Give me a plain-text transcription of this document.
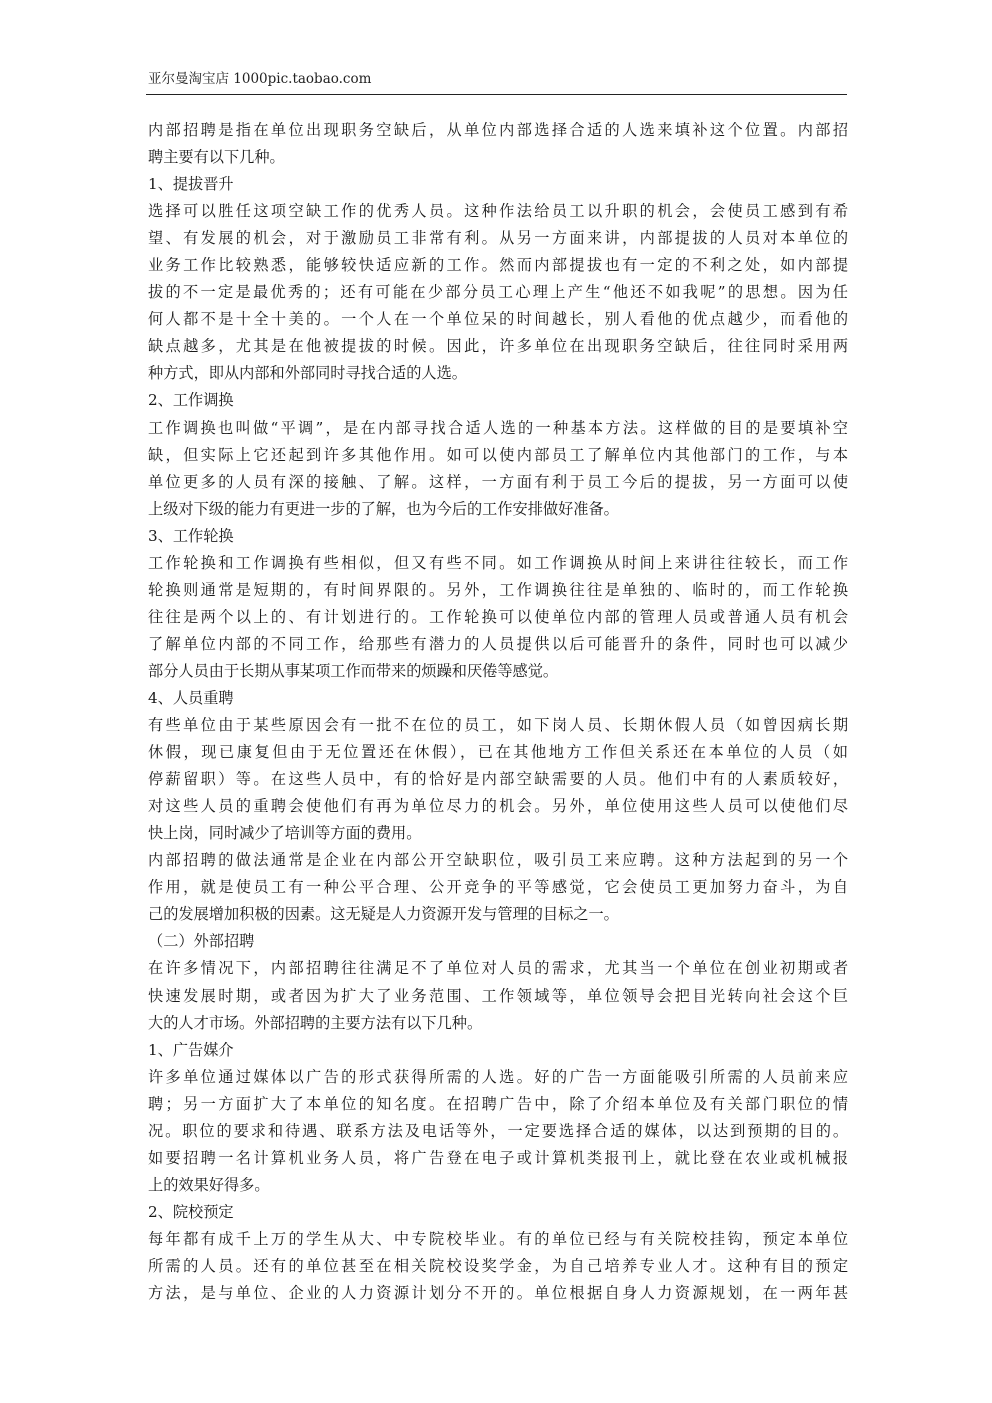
亚尔曼淘宝店 1000pic.taobao.com
内部招聘是指在单位出现职务空缺后，从单位内部选择合适的人选来填补这个位置。内部招
聘主要有以下几种。
1、提拔晋升
选择可以胜任这项空缺工作的优秀人员。这种作法给员工以升职的机会，会使员工感到有希
望、有发展的机会，对于激励员工非常有利。从另一方面来讲，内部提拔的人员对本单位的
业务工作比较熟悉，能够较快适应新的工作。然而内部提拔也有一定的不利之处，如内部提
拔的不一定是最优秀的；还有可能在少部分员工心理上产生“他还不如我呢”的思想。因为任
何人都不是十全十美的。一个人在一个单位呆的时间越长，别人看他的优点越少，而看他的
缺点越多，尤其是在他被提拔的时候。因此，许多单位在出现职务空缺后，往往同时采用两
种方式，即从内部和外部同时寻找合适的人选。
2、工作调换
工作调换也叫做“平调”，是在内部寻找合适人选的一种基本方法。这样做的目的是要填补空
缺，但实际上它还起到许多其他作用。如可以使内部员工了解单位内其他部门的工作，与本
单位更多的人员有深的接触、了解。这样，一方面有利于员工今后的提拔，另一方面可以使
上级对下级的能力有更进一步的了解，也为今后的工作安排做好准备。
3、工作轮换
工作轮换和工作调换有些相似，但又有些不同。如工作调换从时间上来讲往往较长，而工作
轮换则通常是短期的，有时间界限的。另外，工作调换往往是单独的、临时的，而工作轮换
往往是两个以上的、有计划进行的。工作轮换可以使单位内部的管理人员或普通人员有机会
了解单位内部的不同工作，给那些有潜力的人员提供以后可能晋升的条件，同时也可以减少
部分人员由于长期从事某项工作而带来的烦躁和厌倦等感觉。
4、人员重聘
有些单位由于某些原因会有一批不在位的员工，如下岗人员、长期休假人员（如曾因病长期
休假，现已康复但由于无位置还在休假），已在其他地方工作但关系还在本单位的人员（如
停薪留职）等。在这些人员中，有的恰好是内部空缺需要的人员。他们中有的人素质较好，
对这些人员的重聘会使他们有再为单位尽力的机会。另外，单位使用这些人员可以使他们尽
快上岗，同时减少了培训等方面的费用。
内部招聘的做法通常是企业在内部公开空缺职位，吸引员工来应聘。这种方法起到的另一个
作用，就是使员工有一种公平合理、公开竞争的平等感觉，它会使员工更加努力奋斗，为自
己的发展增加积极的因素。这无疑是人力资源开发与管理的目标之一。
（二）外部招聘
在许多情况下，内部招聘往往满足不了单位对人员的需求，尤其当一个单位在创业初期或者
快速发展时期，或者因为扩大了业务范围、工作领域等，单位领导会把目光转向社会这个巨
大的人才市场。外部招聘的主要方法有以下几种。
1、广告媒介
许多单位通过媒体以广告的形式获得所需的人选。好的广告一方面能吸引所需的人员前来应
聘；另一方面扩大了本单位的知名度。在招聘广告中，除了介绍本单位及有关部门职位的情
况。职位的要求和待遇、联系方法及电话等外，一定要选择合适的媒体，以达到预期的目的。
如要招聘一名计算机业务人员，将广告登在电子或计算机类报刊上，就比登在农业或机械报
上的效果好得多。
2、院校预定
每年都有成千上万的学生从大、中专院校毕业。有的单位已经与有关院校挂钩，预定本单位
所需的人员。还有的单位甚至在相关院校设奖学金，为自己培养专业人才。这种有目的预定
方法，是与单位、企业的人力资源计划分不开的。单位根据自身人力资源规划，在一两年甚
